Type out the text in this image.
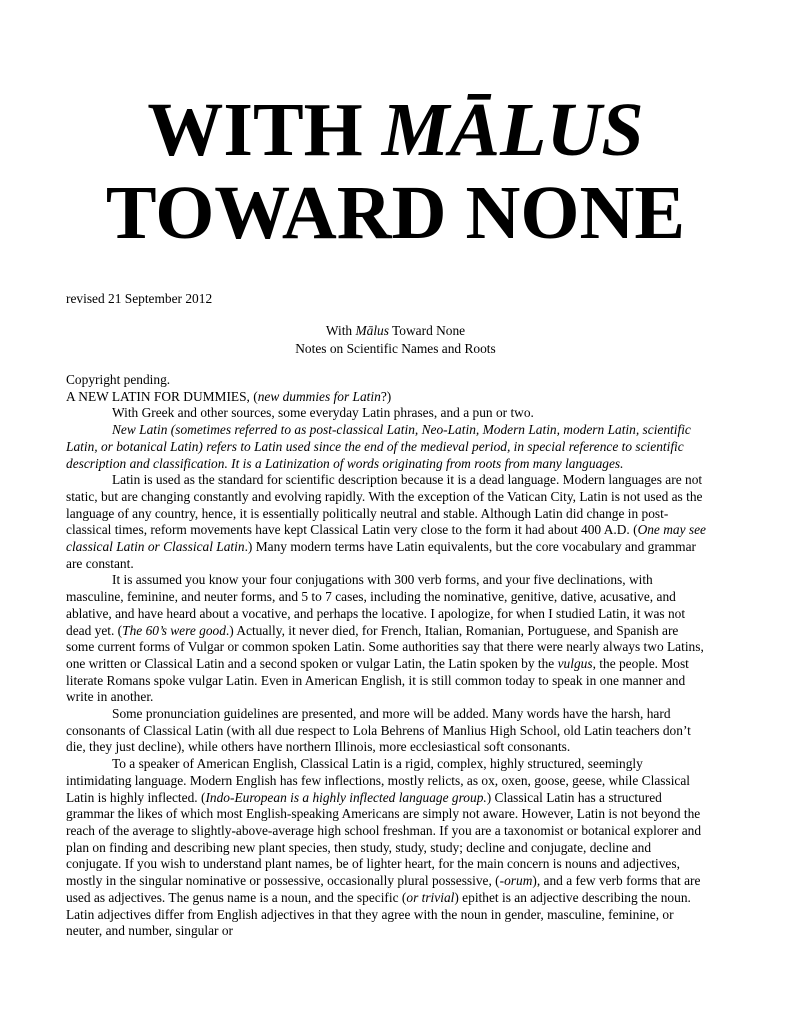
WITH MĀLUS
TOWARD NONE
revised 21 September 2012
With Mālus Toward None
Notes on Scientific Names and Roots

Copyright pending.

A NEW LATIN FOR DUMMIES, (new dummies for Latin?)

With Greek and other sources, some everyday Latin phrases, and a pun or two.

New Latin (sometimes referred to as post-classical Latin, Neo-Latin, Modern Latin, modern Latin, scientific Latin, or botanical Latin) refers to Latin used since the end of the medieval period, in special reference to scientific description and classification. It is a Latinization of words originating from roots from many languages.

Latin is used as the standard for scientific description because it is a dead language. Modern languages are not static, but are changing constantly and evolving rapidly. With the exception of the Vatican City, Latin is not used as the language of any country, hence, it is essentially politically neutral and stable. Although Latin did change in post-classical times, reform movements have kept Classical Latin very close to the form it had about 400 A.D. (One may see classical Latin or Classical Latin.) Many modern terms have Latin equivalents, but the core vocabulary and grammar are constant.

It is assumed you know your four conjugations with 300 verb forms, and your five declinations, with masculine, feminine, and neuter forms, and 5 to 7 cases, including the nominative, genitive, dative, acusative, and ablative, and have heard about a vocative, and perhaps the locative. I apologize, for when I studied Latin, it was not dead yet. (The 60’s were good.) Actually, it never died, for French, Italian, Romanian, Portuguese, and Spanish are some current forms of Vulgar or common spoken Latin. Some authorities say that there were nearly always two Latins, one written or Classical Latin and a second spoken or vulgar Latin, the Latin spoken by the vulgus, the people. Most literate Romans spoke vulgar Latin. Even in American English, it is still common today to speak in one manner and write in another.

Some pronunciation guidelines are presented, and more will be added. Many words have the harsh, hard consonants of Classical Latin (with all due respect to Lola Behrens of Manlius High School, old Latin teachers don’t die, they just decline), while others have northern Illinois, more ecclesiastical soft consonants.

To a speaker of American English, Classical Latin is a rigid, complex, highly structured, seemingly intimidating language. Modern English has few inflections, mostly relicts, as ox, oxen, goose, geese, while Classical Latin is highly inflected. (Indo-European is a highly inflected language group.) Classical Latin has a structured grammar the likes of which most English-speaking Americans are simply not aware. However, Latin is not beyond the reach of the average to slightly-above-average high school freshman. If you are a taxonomist or botanical explorer and plan on finding and describing new plant species, then study, study, study; decline and conjugate, decline and conjugate. If you wish to understand plant names, be of lighter heart, for the main concern is nouns and adjectives, mostly in the singular nominative or possessive, occasionally plural possessive, (-orum), and a few verb forms that are used as adjectives. The genus name is a noun, and the specific (or trivial) epithet is an adjective describing the noun. Latin adjectives differ from English adjectives in that they agree with the noun in gender, masculine, feminine, or neuter, and number, singular or
